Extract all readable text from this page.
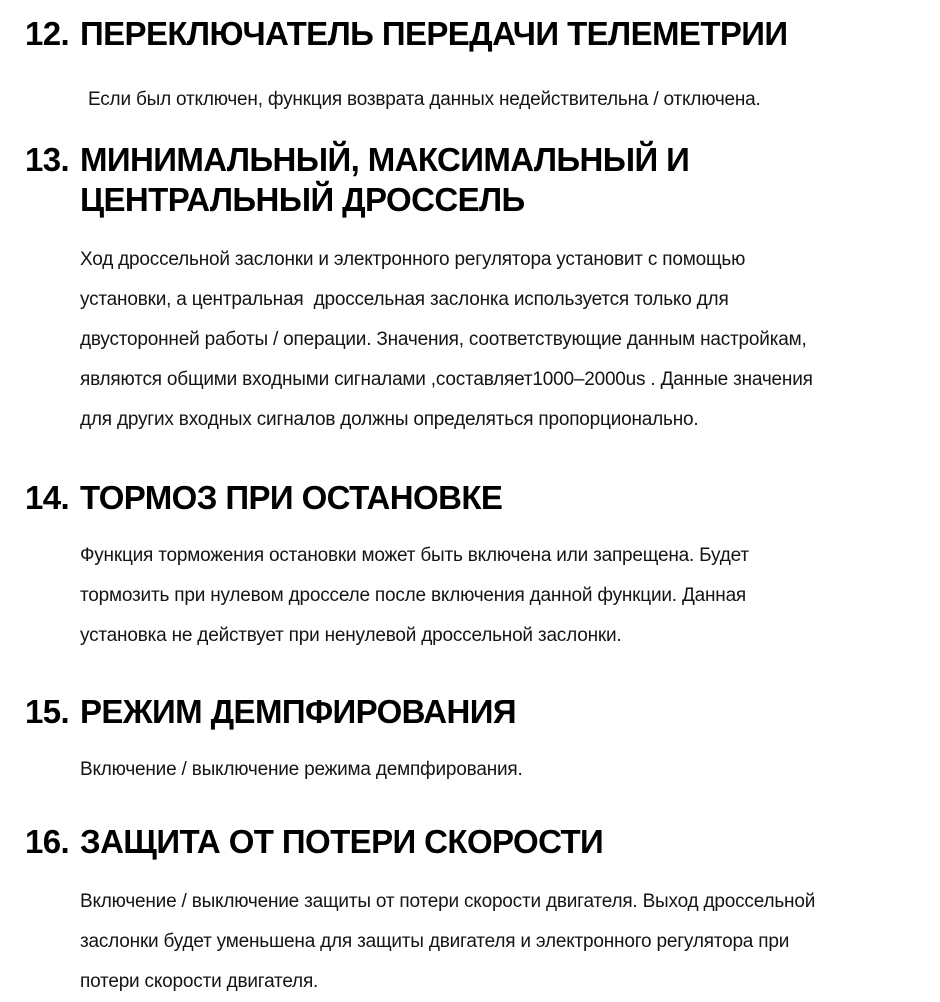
12. ПЕРЕКЛЮЧАТЕЛЬ ПЕРЕДАЧИ ТЕЛЕМЕТРИИ
Если был отключен, функция возврата данных недействительна / отключена.
13. МИНИМАЛЬНЫЙ, МАКСИМАЛЬНЫЙ И
ЦЕНТРАЛЬНЫЙ ДРОССЕЛЬ
Ход дроссельной заслонки и электронного регулятора установит с помощью
установки, а центральная  дроссельная заслонка используется только для
двусторонней работы / операции. Значения, соответствующие данным настройкам,
являются общими входными сигналами ,составляет1000–2000us . Данные значения
для других входных сигналов должны определяться пропорционально.
14. ТОРМОЗ ПРИ ОСТАНОВКЕ
Функция торможения остановки может быть включена или запрещена. Будет
тормозить при нулевом дросселе после включения данной функции. Данная
установка не действует при ненулевой дроссельной заслонки.
15. РЕЖИМ ДЕМПФИРОВАНИЯ
Включение / выключение режима демпфирования.
16. ЗАЩИТА ОТ ПОТЕРИ СКОРОСТИ
Включение / выключение защиты от потери скорости двигателя. Выход дроссельной
заслонки будет уменьшена для защиты двигателя и электронного регулятора при
потери скорости двигателя.
